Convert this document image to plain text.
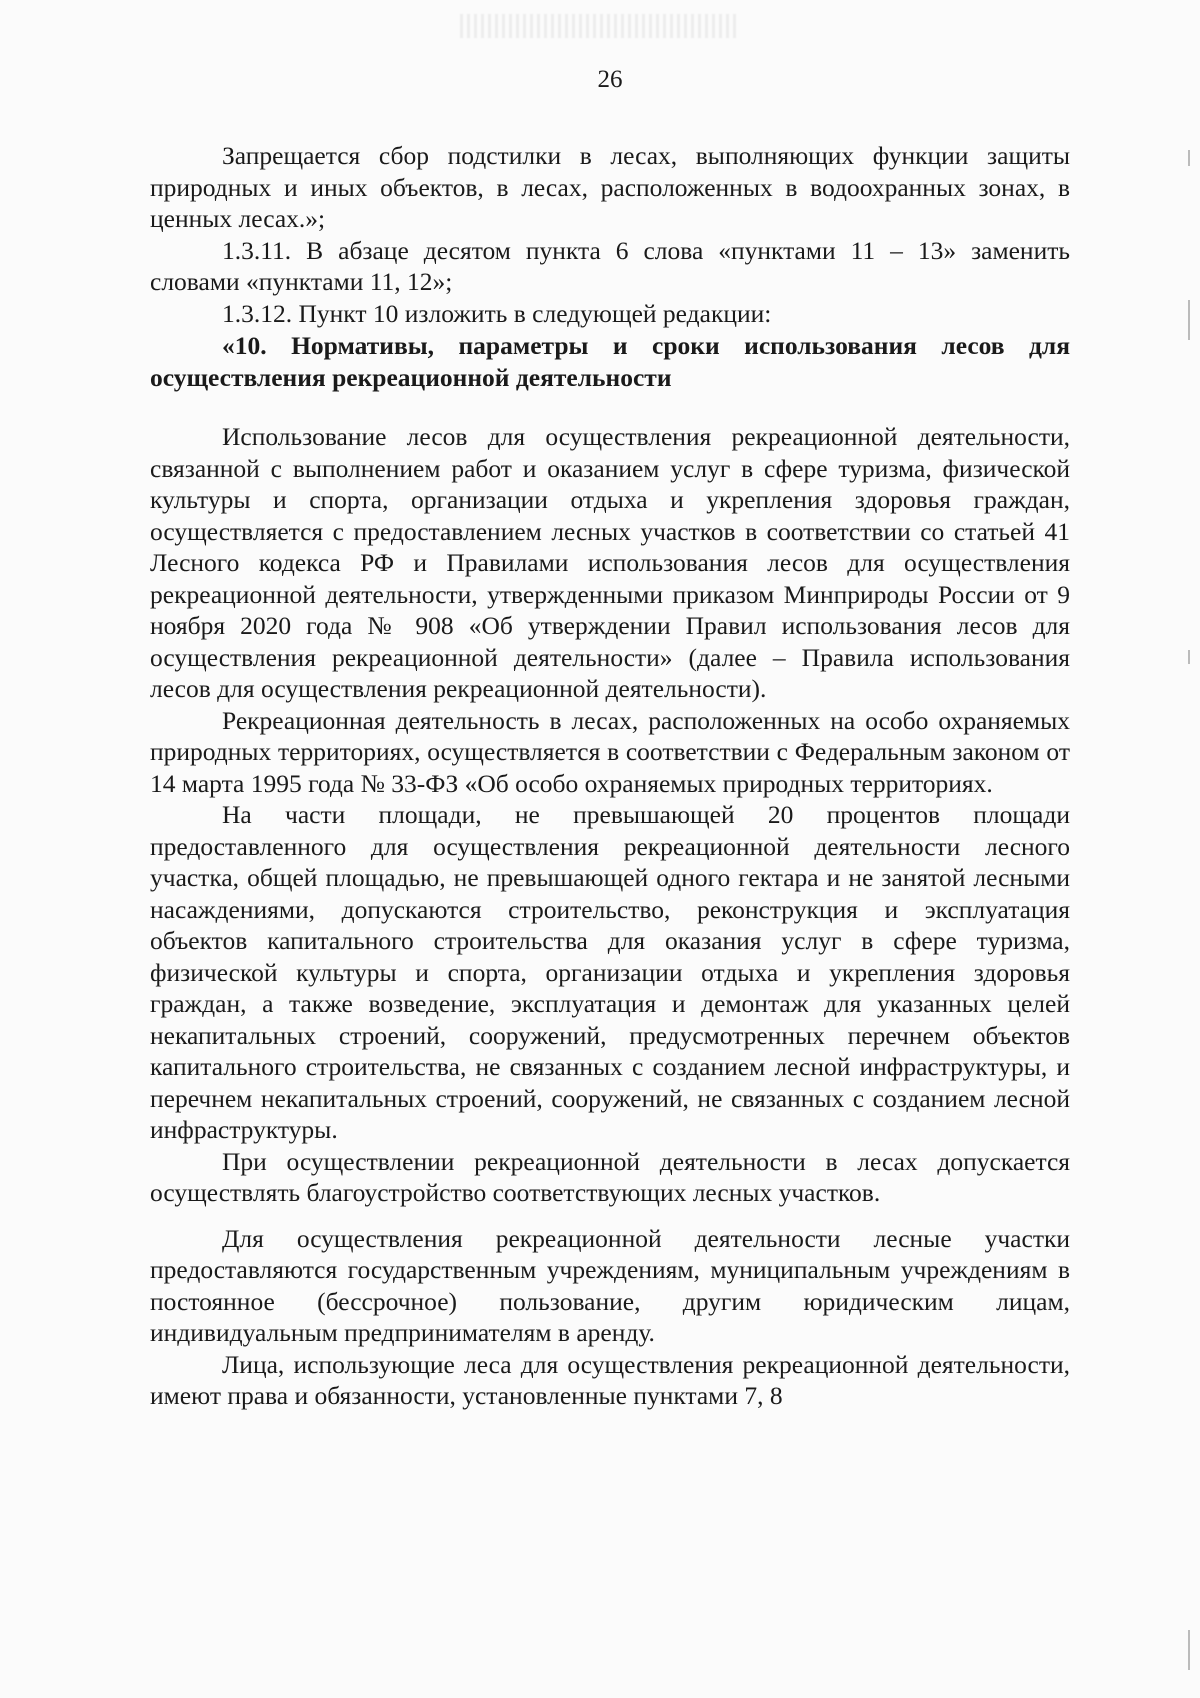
26

Запрещается сбор подстилки в лесах, выполняющих функции защиты природных и иных объектов, в лесах, расположенных в водоохранных зонах, в ценных лесах.»;

1.3.11. В абзаце десятом пункта 6 слова «пунктами 11 – 13» заменить словами «пунктами 11, 12»;

1.3.12. Пункт 10 изложить в следующей редакции:

«10. Нормативы, параметры и сроки использования лесов для осуществления рекреационной деятельности

Использование лесов для осуществления рекреационной деятельности, связанной с выполнением работ и оказанием услуг в сфере туризма, физической культуры и спорта, организации отдыха и укрепления здоровья граждан, осуществляется с предоставлением лесных участков в соответствии со статьей 41 Лесного кодекса РФ и Правилами использования лесов для осуществления рекреационной деятельности, утвержденными приказом Минприроды России от 9 ноября 2020 года № 908 «Об утверждении Правил использования лесов для осуществления рекреационной деятельности» (далее – Правила использования лесов для осуществления рекреационной деятельности).

Рекреационная деятельность в лесах, расположенных на особо охраняемых природных территориях, осуществляется в соответствии с Федеральным законом от 14 марта 1995 года № 33-ФЗ «Об особо охраняемых природных территориях.

На части площади, не превышающей 20 процентов площади предоставленного для осуществления рекреационной деятельности лесного участка, общей площадью, не превышающей одного гектара и не занятой лесными насаждениями, допускаются строительство, реконструкция и эксплуатация объектов капитального строительства для оказания услуг в сфере туризма, физической культуры и спорта, организации отдыха и укрепления здоровья граждан, а также возведение, эксплуатация и демонтаж для указанных целей некапитальных строений, сооружений, предусмотренных перечнем объектов капитального строительства, не связанных с созданием лесной инфраструктуры, и перечнем некапитальных строений, сооружений, не связанных с созданием лесной инфраструктуры.

При осуществлении рекреационной деятельности в лесах допускается осуществлять благоустройство соответствующих лесных участков.

Для осуществления рекреационной деятельности лесные участки предоставляются государственным учреждениям, муниципальным учреждениям в постоянное (бессрочное) пользование, другим юридическим лицам, индивидуальным предпринимателям в аренду.

Лица, использующие леса для осуществления рекреационной деятельности, имеют права и обязанности, установленные пунктами 7, 8
